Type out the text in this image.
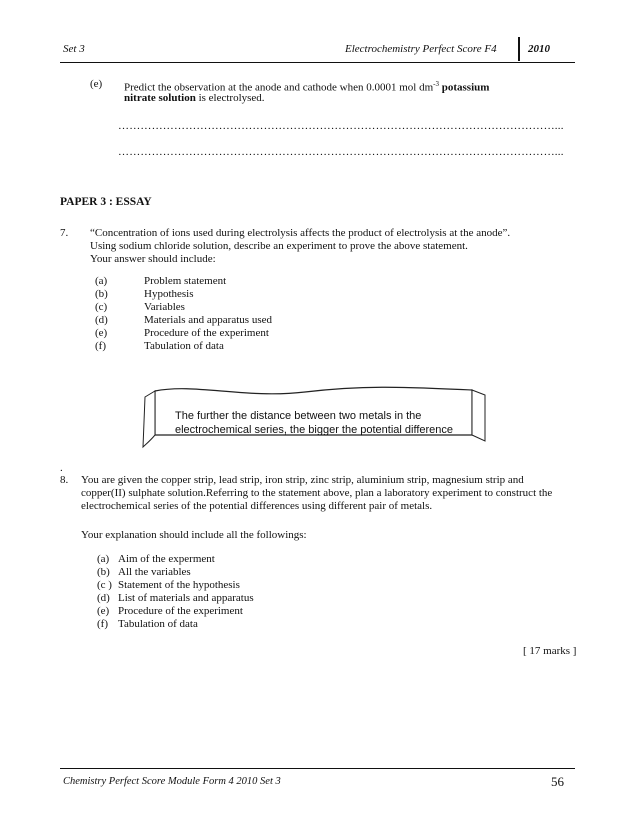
Set 3	Electrochemistry Perfect Score F4	2010
(e) Predict the observation at the anode and cathode when 0.0001 mol $dm^{-3}$ potassium
nitrate solution is electrolysed.
………………………………………………………………………………………………………...
………………………………………………………………………………………………………...
PAPER 3 : ESSAY
7. “Concentration of ions used during electrolysis affects the product of electrolysis at the anode”.
Using sodium chloride solution, describe an experiment to prove the above statement.
Your answer should include:
(a)	Problem statement
(b)	Hypothesis
(c)	Variables
(d)	Materials and apparatus used
(e)	Procedure of the experiment
(f)	Tabulation of data
The further the distance between two metals in the
electrochemical series, the bigger the potential difference
.
8. You are given the copper strip, lead strip, iron strip, zinc strip, aluminium strip, magnesium strip and
copper(II) sulphate solution.Referring to the statement above, plan a laboratory experiment to construct the
electrochemical series of the potential differences using different pair of metals.
Your explanation should include all the followings:
(a) Aim of the experment
(b) All the variables
(c ) Statement of the hypothesis
(d) List of materials and apparatus
(e) Procedure of the experiment
(f) Tabulation of data
[ 17 marks ]
Chemistry Perfect Score Module Form 4 2010 Set 3	56
